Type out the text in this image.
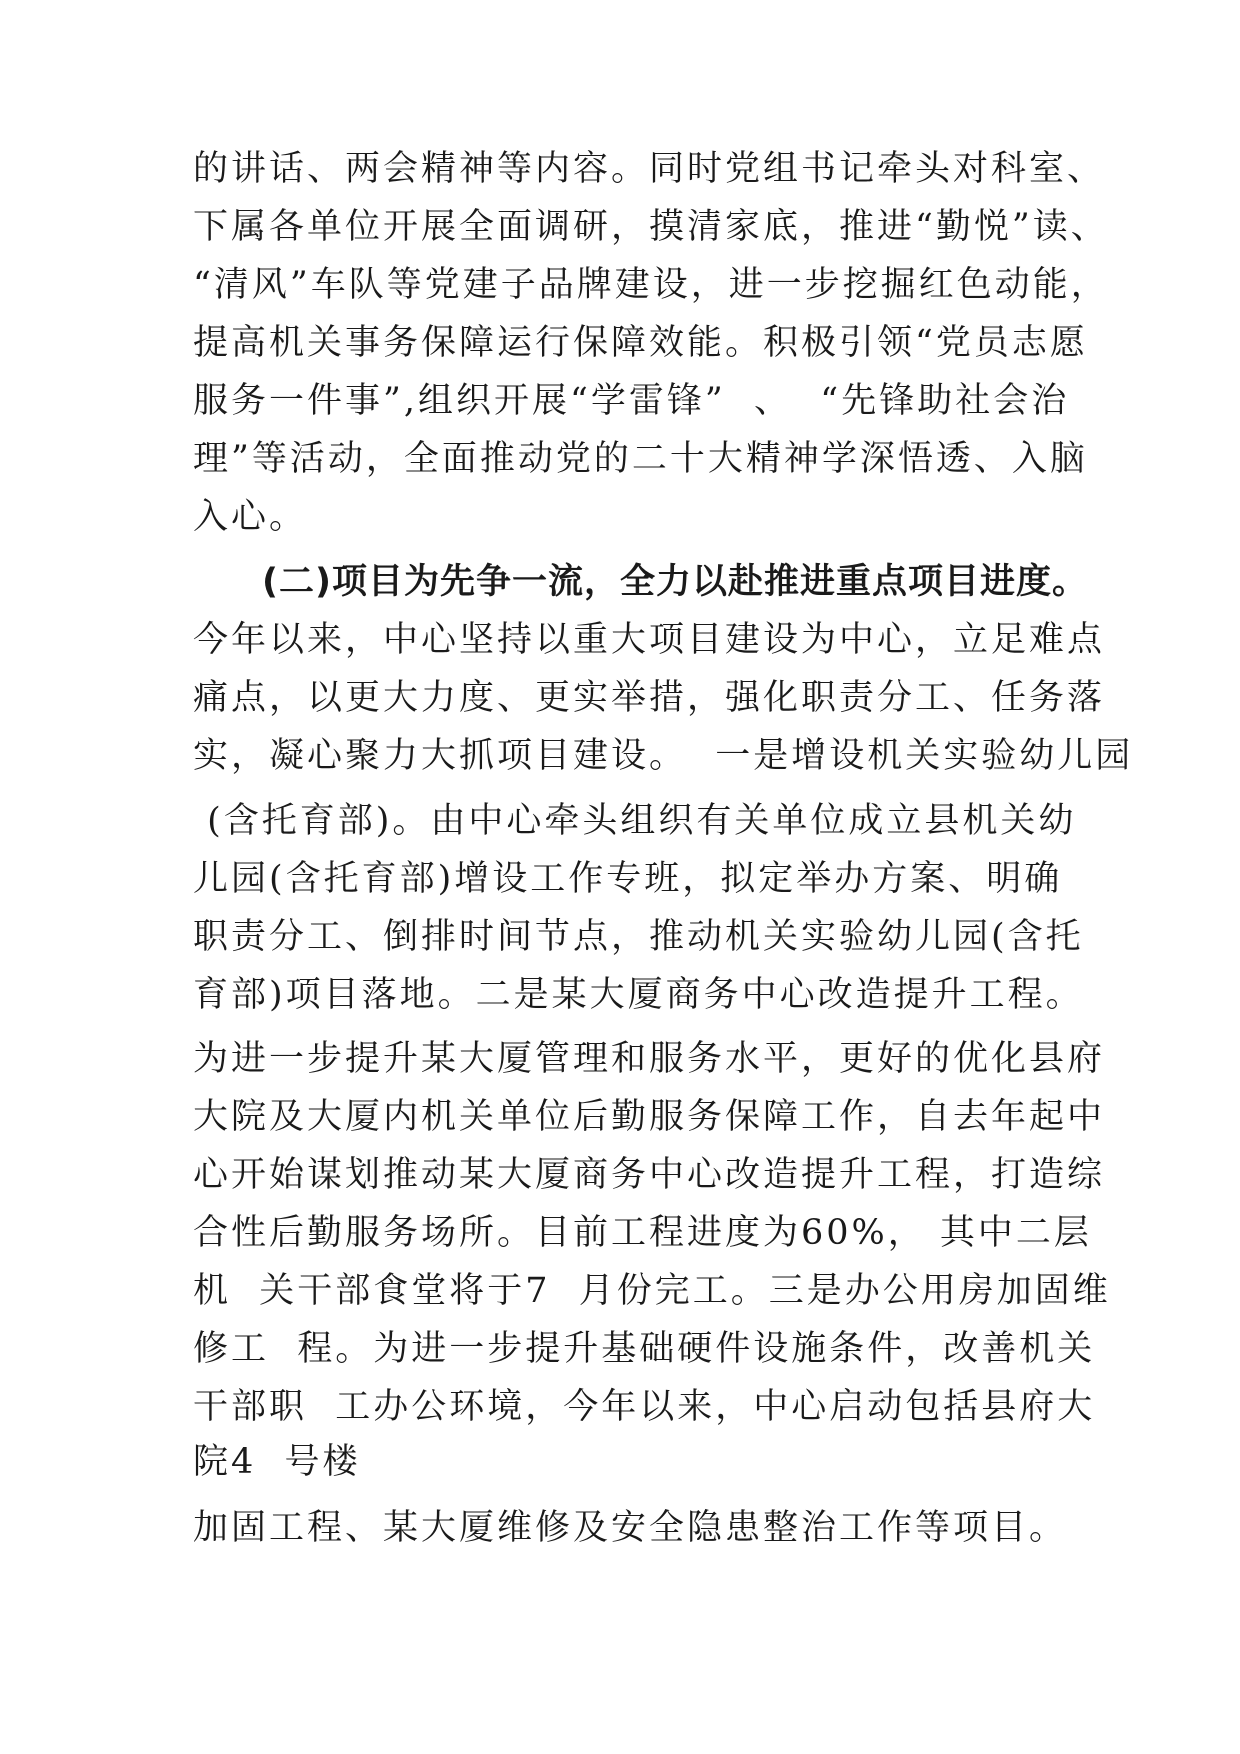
的讲话、两会精神等内容。同时党组书记牵头对科室、
下属各单位开展全面调研，摸清家底，推进“勤悦”读、
“清风”车队等党建子品牌建设，进一步挖掘红色动能，
提高机关事务保障运行保障效能。积极引领“党员志愿
服务一件事”,组织开展“学雷锋”  、  “先锋助社会治
理”等活动，全面推动党的二十大精神学深悟透、入脑
入心。
(二)项目为先争一流，全力以赴推进重点项目进度。
今年以来，中心坚持以重大项目建设为中心，立足难点
痛点，以更大力度、更实举措，强化职责分工、任务落
实，凝心聚力大抓项目建设。  一是增设机关实验幼儿园
(含托育部)。由中心牵头组织有关单位成立县机关幼
儿园(含托育部)增设工作专班，拟定举办方案、明确
职责分工、倒排时间节点，推动机关实验幼儿园(含托
育部)项目落地。二是某大厦商务中心改造提升工程。
为进一步提升某大厦管理和服务水平，更好的优化县府
大院及大厦内机关单位后勤服务保障工作，自去年起中
心开始谋划推动某大厦商务中心改造提升工程，打造综
合性后勤服务场所。目前工程进度为60%， 其中二层
机  关干部食堂将于7  月份完工。三是办公用房加固维
修工  程。为进一步提升基础硬件设施条件，改善机关
干部职  工办公环境，今年以来，中心启动包括县府大
院4  号楼
加固工程、某大厦维修及安全隐患整治工作等项目。
